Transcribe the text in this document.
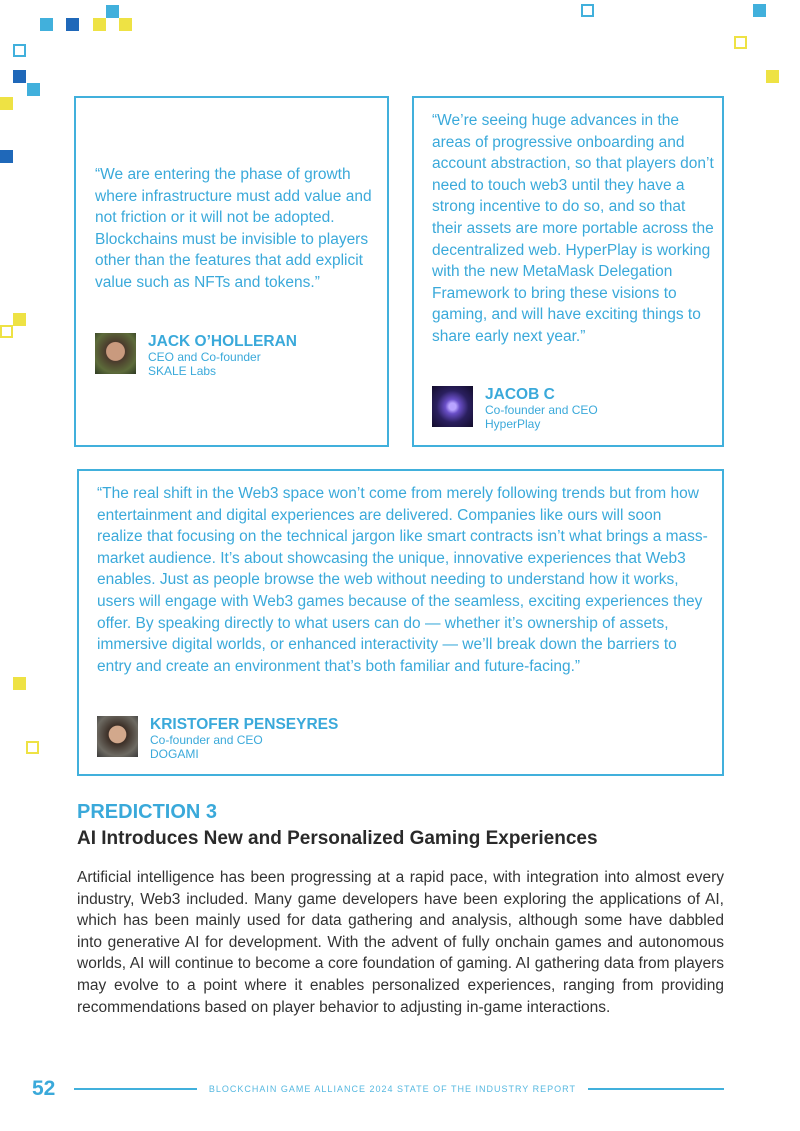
“We are entering the phase of growth where infrastructure must add value and not friction or it will not be adopted. Blockchains must be invisible to players other than the features that add explicit value such as NFTs and tokens.”
JACK O’HOLLERAN
CEO and Co-founder
SKALE Labs
“We’re seeing huge advances in the areas of progressive onboarding and account abstraction, so that players don’t need to touch web3 until they have a strong incentive to do so, and so that their assets are more portable across the decentralized web. HyperPlay is working with the new MetaMask Delegation Framework to bring these visions to gaming, and will have exciting things to share early next year.”
JACOB C
Co-founder and CEO
HyperPlay
“The real shift in the Web3 space won’t come from merely following trends but from how entertainment and digital experiences are delivered. Companies like ours will soon realize that focusing on the technical jargon like smart contracts isn’t what brings a mass-market audience. It’s about showcasing the unique, innovative experiences that Web3 enables. Just as people browse the web without needing to understand how it works, users will engage with Web3 games because of the seamless, exciting experiences they offer. By speaking directly to what users can do — whether it’s ownership of assets, immersive digital worlds, or enhanced interactivity — we’ll break down the barriers to entry and create an environment that’s both familiar and future-facing.”
KRISTOFER PENSEYRES
Co-founder and CEO
DOGAMI
PREDICTION 3
AI Introduces New and Personalized Gaming Experiences
Artificial intelligence has been progressing at a rapid pace, with integration into almost every industry, Web3 included. Many game developers have been exploring the applications of AI, which has been mainly used for data gathering and analysis, although some have dabbled into generative AI for development. With the advent of fully onchain games and autonomous worlds, AI will continue to become a core foundation of gaming. AI gathering data from players may evolve to a point where it enables personalized experiences, ranging from providing recommendations based on player behavior to adjusting in-game interactions.
52	BLOCKCHAIN GAME ALLIANCE 2024 STATE OF THE INDUSTRY REPORT
